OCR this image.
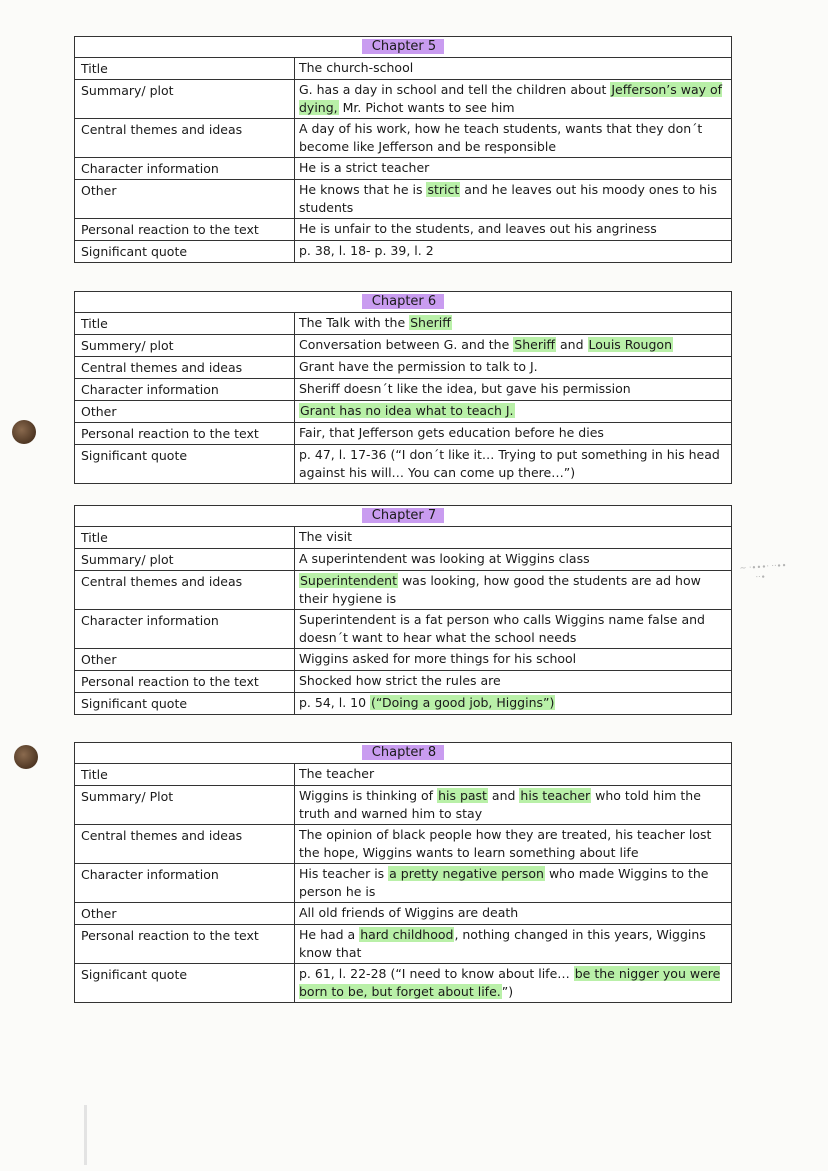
~ ·∙∙∙· ··∙∙
··∙
Chapter 5
Title	The church-school
Summary/ plot	G. has a day in school and tell the children about Jefferson’s way of dying, Mr. Pichot wants to see him
Central themes and ideas	A day of his work, how he teach students, wants that they don´t become like Jefferson and be responsible
Character information	He is a strict teacher
Other	He knows that he is strict and he leaves out his moody ones to his students
Personal reaction to the text	He is unfair to the students, and leaves out his angriness
Significant quote	p. 38, l. 18- p. 39, l. 2
Chapter 6
Title	The Talk with the Sheriff
Summery/ plot	Conversation between G. and the Sheriff and Louis Rougon
Central themes and ideas	Grant have the permission to talk to J.
Character information	Sheriff doesn´t like the idea, but gave his permission
Other	Grant has no idea what to teach J.
Personal reaction to the text	Fair, that Jefferson gets education before he dies
Significant quote	p. 47, l. 17-36 (“I don´t like it… Trying to put something in his head against his will… You can come up there…”)
Chapter 7
Title	The visit
Summary/ plot	A superintendent was looking at Wiggins class
Central themes and ideas	Superintendent was looking, how good the students are ad how their hygiene is
Character information	Superintendent is a fat person who calls Wiggins name false and doesn´t want to hear what the school needs
Other	Wiggins asked for more things for his school
Personal reaction to the text	Shocked how strict the rules are
Significant quote	p. 54, l. 10 (“Doing a good job, Higgins”)
Chapter 8
Title	The teacher
Summary/ Plot	Wiggins is thinking of his past and his teacher who told him the truth and warned him to stay
Central themes and ideas	The opinion of black people how they are treated, his teacher lost the hope, Wiggins wants to learn something about life
Character information	His teacher is a pretty negative person who made Wiggins to the person he is
Other	All old friends of Wiggins are death
Personal reaction to the text	He had a hard childhood, nothing changed in this years, Wiggins know that
Significant quote	p. 61, l. 22-28 (“I need to know about life… be the nigger you were born to be, but forget about life.”)
